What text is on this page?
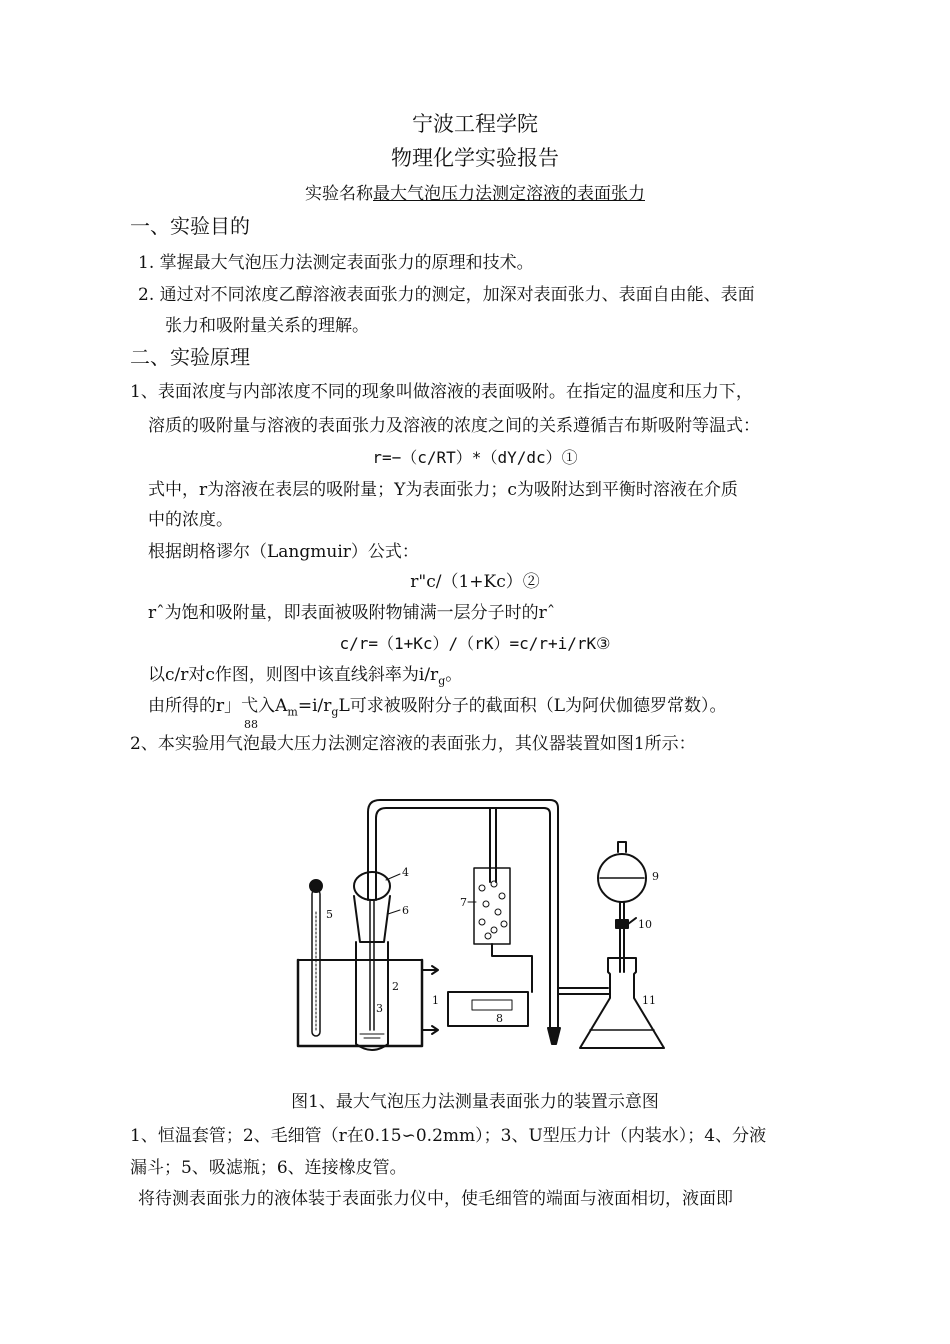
宁波工程学院
物理化学实验报告
实验名称最大气泡压力法测定溶液的表面张力
一、实验目的
1. 掌握最大气泡压力法测定表面张力的原理和技术。
2. 通过对不同浓度乙醇溶液表面张力的测定，加深对表面张力、表面自由能、表面
张力和吸附量关系的理解。
二、实验原理
1、表面浓度与内部浓度不同的现象叫做溶液的表面吸附。在指定的温度和压力下，
溶质的吸附量与溶液的表面张力及溶液的浓度之间的关系遵循吉布斯吸附等温式：
r=−（c/RT）*（dY/dc）①
式中，r为溶液在表层的吸附量；Y为表面张力；c为吸附达到平衡时溶液在介质
中的浓度。
根据朗格谬尔（Langmuir）公式：
r"c/（1+Kc）②
rˆ为饱和吸附量，即表面被吸附物铺满一层分子时的rˆ
c/r=（1+Kc）/（rK）=c/r+i/rK③
以c/r对c作图，则图中该直线斜率为$i/r_g$。
由所得的r」弋入$A_m=i/r_gL$可求被吸附分子的截面积（L为阿伏伽德罗常数）。
88
2、本实验用气泡最大压力法测定溶液的表面张力，其仪器装置如图1所示：
1
2
3
4
5	6
7
8
9
10
11
图1、最大气泡压力法测量表面张力的装置示意图
1、恒温套管；2、毛细管（r在0.15∽0.2mm）；3、U型压力计（内装水）；4、分液
漏斗；5、吸滤瓶；6、连接橡皮管。
将待测表面张力的液体装于表面张力仪中，使毛细管的端面与液面相切，液面即
